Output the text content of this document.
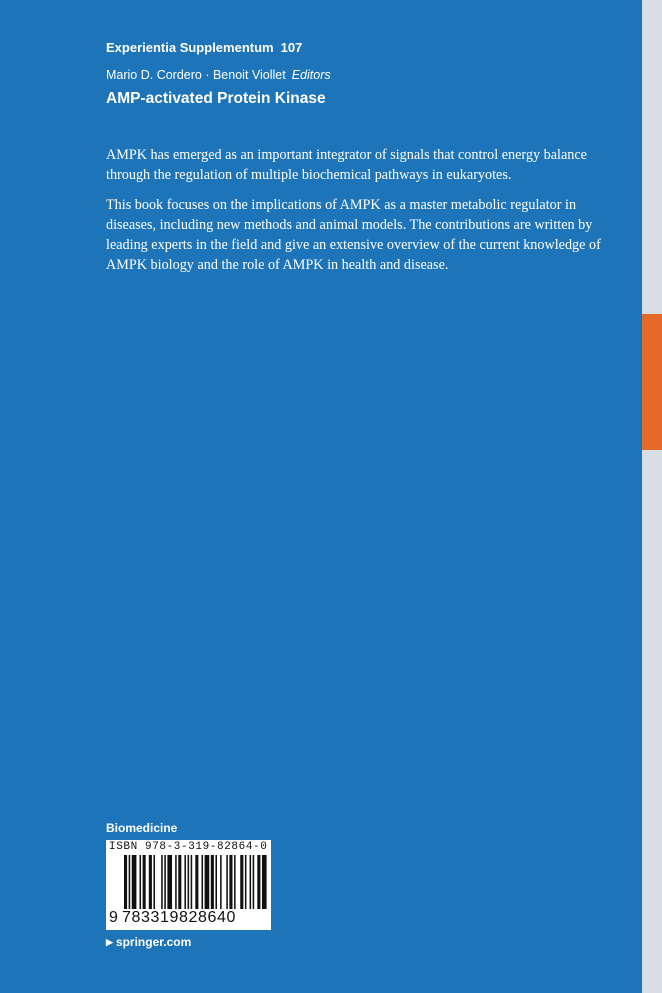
Experientia Supplementum 107
Mario D. Cordero · Benoit Viollet Editors
AMP-activated Protein Kinase

AMPK has emerged as an important integrator of signals that control energy balance through the regulation of multiple biochemical pathways in eukaryotes.

This book focuses on the implications of AMPK as a master metabolic regulator in diseases, including new methods and animal models. The contributions are written by leading experts in the field and give an extensive overview of the current knowledge of AMPK biology and the role of AMPK in health and disease.

Biomedicine
ISBN 978-3-319-82864-0
9 783319828640
▶ springer.com
